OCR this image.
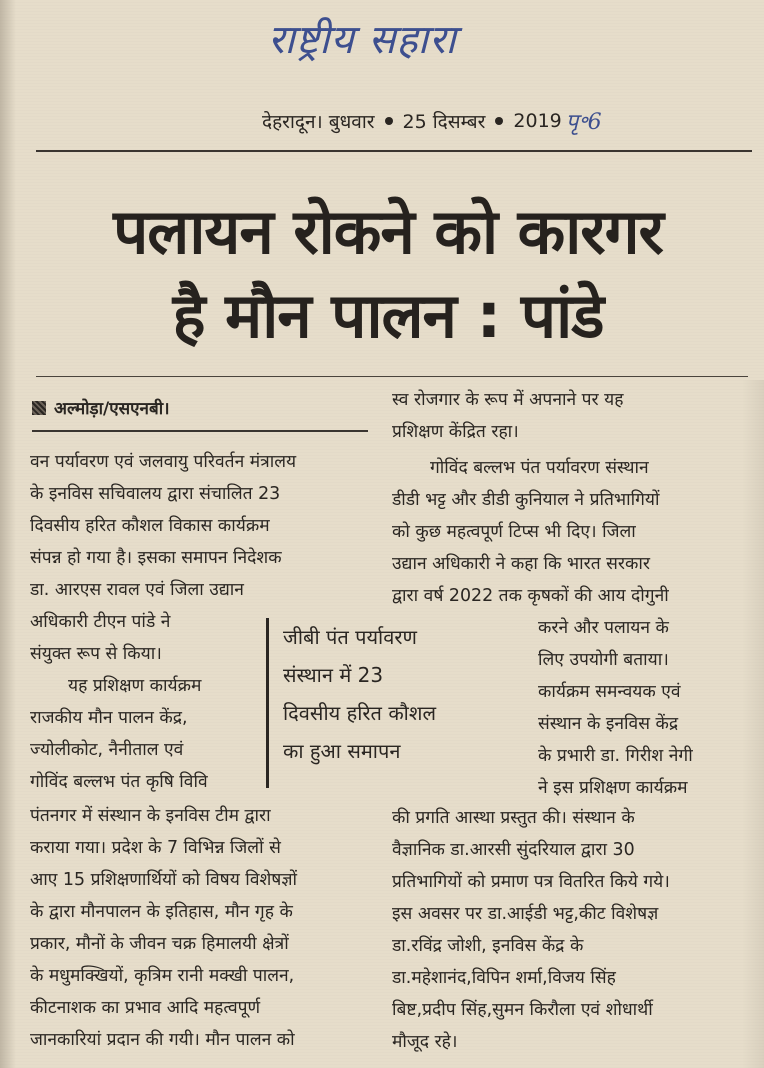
राष्ट्रीय सहारा
देहरादून। बुधवार 25 दिसम्बर 2019 पृ॰6
पलायन रोकने को कारगर
है मौन पालन : पांडे
अल्मोड़ा/एसएनबी।
वन पर्यावरण एवं जलवायु परिवर्तन मंत्रालय
के इनविस सचिवालय द्वारा संचालित 23
दिवसीय हरित कौशल विकास कार्यक्रम
संपन्न हो गया है। इसका समापन निदेशक
डा. आरएस रावल एवं जिला उद्यान
अधिकारी टीएन पांडे ने
संयुक्त रूप से किया।
यह प्रशिक्षण कार्यक्रम
राजकीय मौन पालन केंद्र,
ज्योलीकोट, नैनीताल एवं
गोविंद बल्लभ पंत कृषि विवि
पंतनगर में संस्थान के इनविस टीम द्वारा
कराया गया। प्रदेश के 7 विभिन्न जिलों से
आए 15 प्रशिक्षणार्थियों को विषय विशेषज्ञों
के द्वारा मौनपालन के इतिहास, मौन गृह के
प्रकार, मौनों के जीवन चक्र हिमालयी क्षेत्रों
के मधुमक्खियों, कृत्रिम रानी मक्खी पालन,
कीटनाशक का प्रभाव आदि महत्वपूर्ण
जानकारियां प्रदान की गयी। मौन पालन को
स्व रोजगार के रूप में अपनाने पर यह
प्रशिक्षण केंद्रित रहा।
गोविंद बल्लभ पंत पर्यावरण संस्थान
डीडी भट्ट और डीडी कुनियाल ने प्रतिभागियों
को कुछ महत्वपूर्ण टिप्स भी दिए। जिला
उद्यान अधिकारी ने कहा कि भारत सरकार
द्वारा वर्ष 2022 तक कृषकों की आय दोगुनी
करने और पलायन के
लिए उपयोगी बताया।
कार्यक्रम समन्वयक एवं
संस्थान के इनविस केंद्र
के प्रभारी डा. गिरीश नेगी
ने इस प्रशिक्षण कार्यक्रम
की प्रगति आस्था प्रस्तुत की। संस्थान के
वैज्ञानिक डा.आरसी सुंदरियाल द्वारा 30
प्रतिभागियों को प्रमाण पत्र वितरित किये गये।
इस अवसर पर डा.आईडी भट्ट,कीट विशेषज्ञ
डा.रविंद्र जोशी, इनविस केंद्र के
डा.महेशानंद,विपिन शर्मा,विजय सिंह
बिष्ट,प्रदीप सिंह,सुमन किरौला एवं शोधार्थी
मौजूद रहे।
जीबी पंत पर्यावरण
संस्थान में 23
दिवसीय हरित कौशल
का हुआ समापन
